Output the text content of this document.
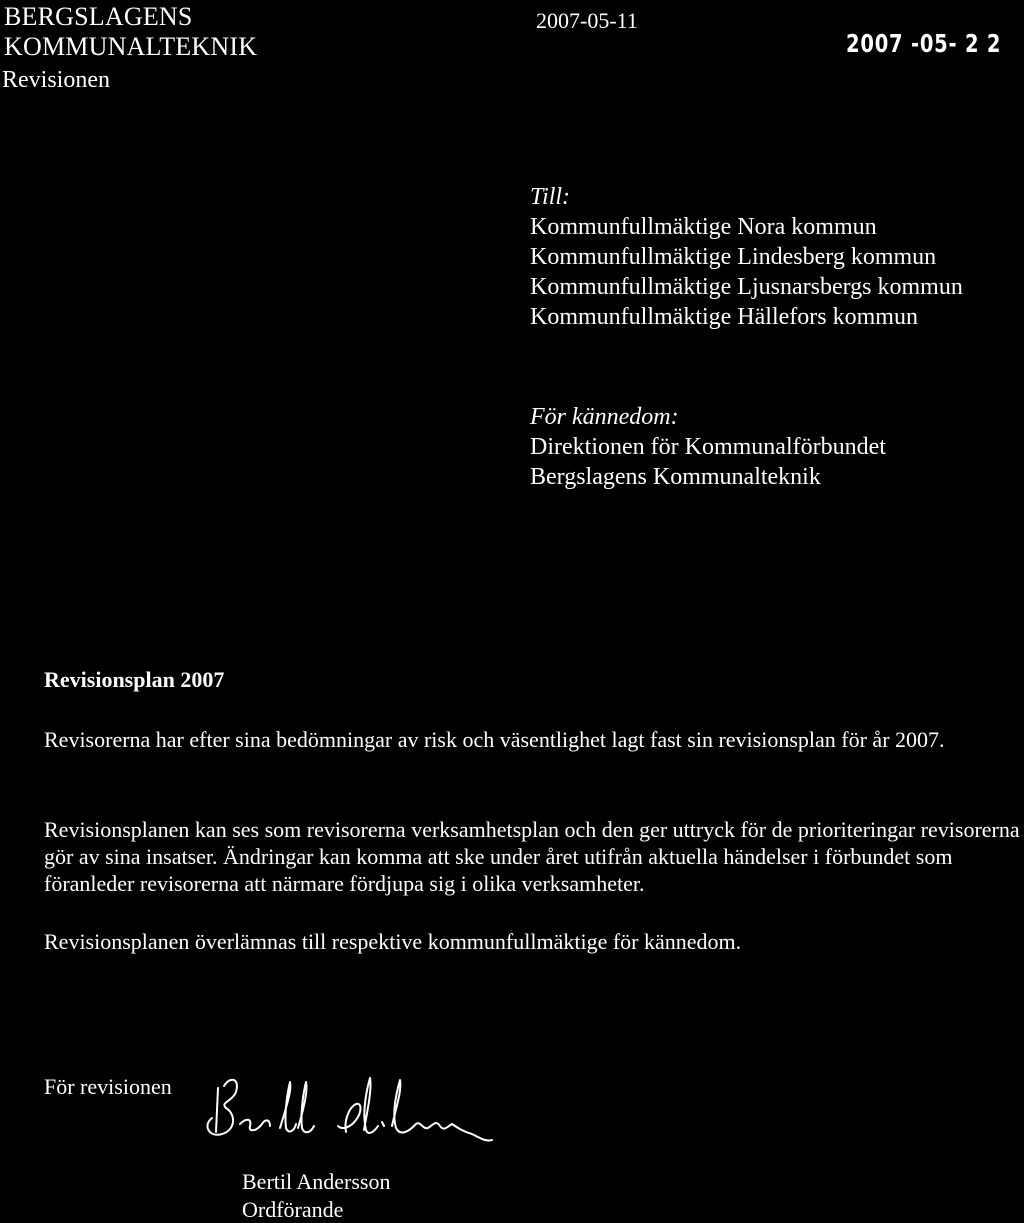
BERGSLAGENS
KOMMUNALTEKNIK
Revisionen
2007-05-11
2007 -05- 2 2
Till:
Kommunfullmäktige Nora kommun
Kommunfullmäktige Lindesberg kommun
Kommunfullmäktige Ljusnarsbergs kommun
Kommunfullmäktige Hällefors kommun
För kännedom:
Direktionen för Kommunalförbundet
Bergslagens Kommunalteknik
Revisionsplan 2007
Revisorerna har efter sina bedömningar av risk och väsentlighet lagt fast sin revisionsplan för år 2007.
Revisionsplanen kan ses som revisorerna verksamhetsplan och den ger uttryck för de prioriteringar revisorerna gör av sina insatser. Ändringar kan komma att ske under året utifrån aktuella händelser i förbundet som föranleder revisorerna att närmare fördjupa sig i olika verksamheter.
Revisionsplanen överlämnas till respektive kommunfullmäktige för kännedom.
För revisionen
Bertil Andersson
Ordförande
